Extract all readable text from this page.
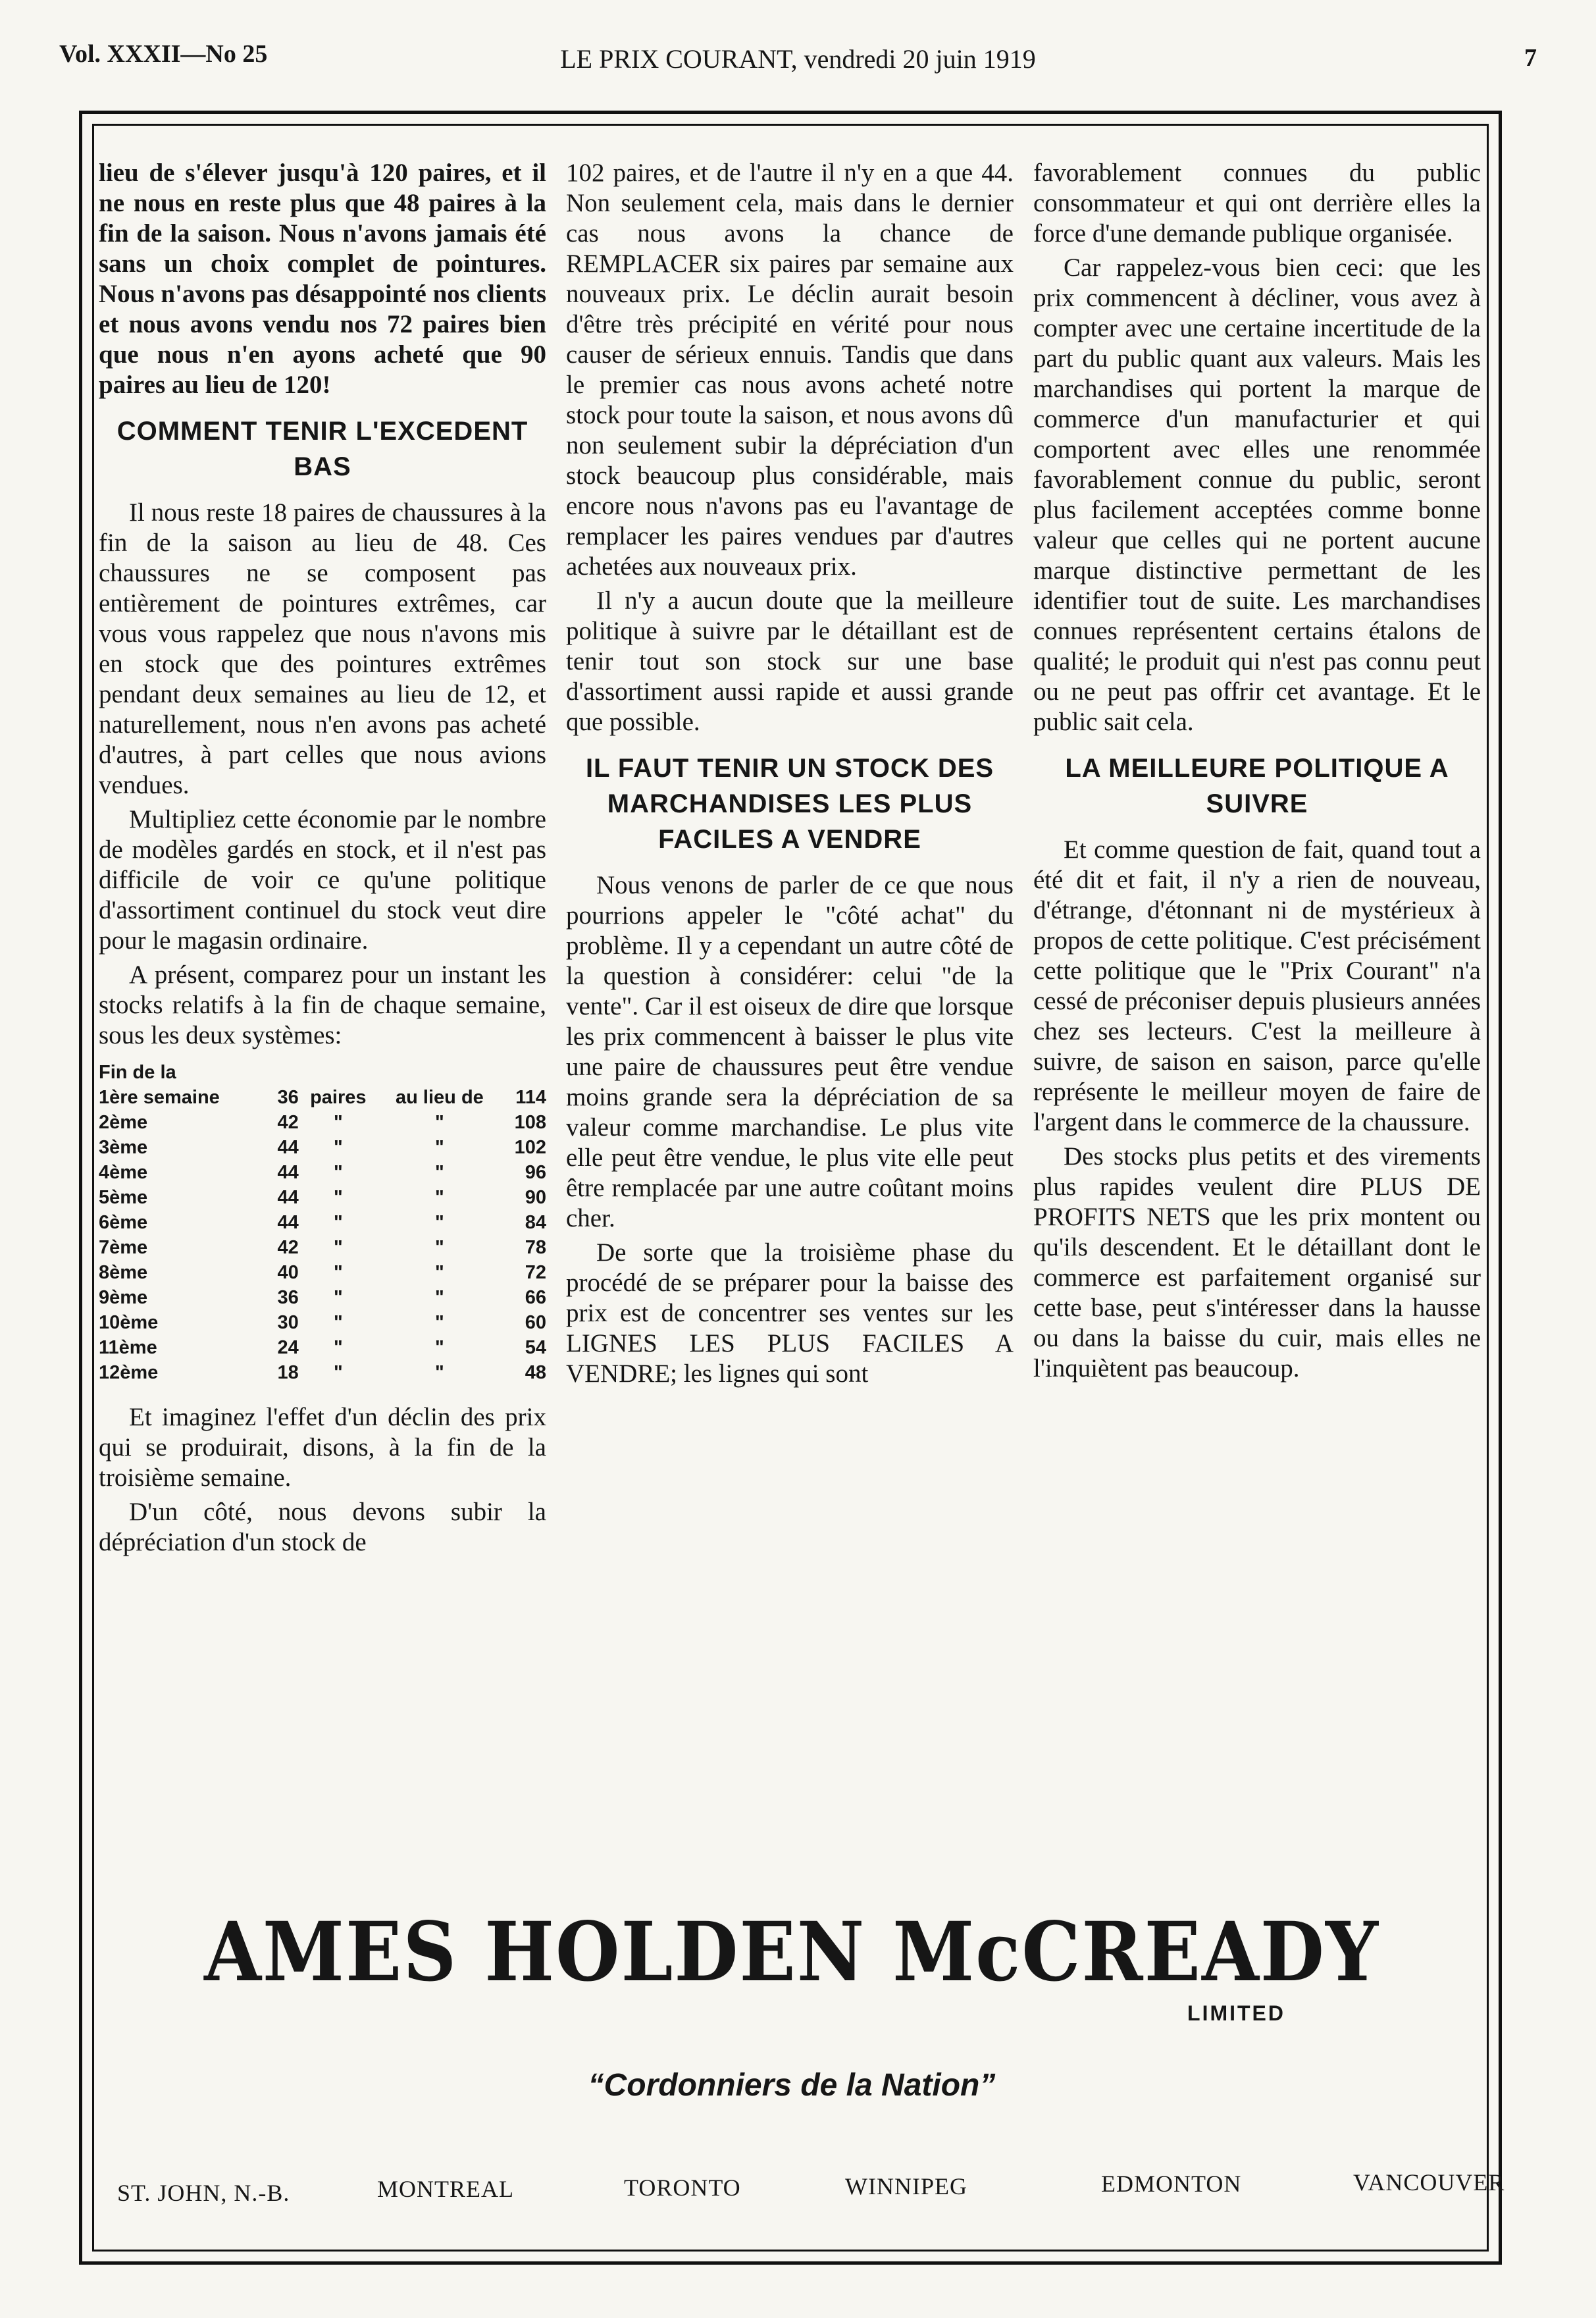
Vol. XXXII—No 25	LE PRIX COURANT, vendredi 20 juin 1919	7

lieu de s'élever jusqu'à 120 paires, et il ne nous en reste plus que 48 paires à la fin de la saison. Nous n'avons jamais été sans un choix complet de pointures. Nous n'avons pas désappointé nos clients et nous avons vendu nos 72 paires bien que nous n'en ayons acheté que 90 paires au lieu de 120!

COMMENT TENIR L'EXCEDENT BAS

Il nous reste 18 paires de chaussures à la fin de la saison au lieu de 48. Ces chaussures ne se composent pas entièrement de pointures extrêmes, car vous vous rappelez que nous n'avons mis en stock que des pointures extrêmes pendant deux semaines au lieu de 12, et naturellement, nous n'en avons pas acheté d'autres, à part celles que nous avions vendues.

Multipliez cette économie par le nombre de modèles gardés en stock, et il n'est pas difficile de voir ce qu'une politique d'assortiment continuel du stock veut dire pour le magasin ordinaire.

A présent, comparez pour un instant les stocks relatifs à la fin de chaque semaine, sous les deux systèmes:

Fin de la				
1ère semaine	36	paires	au lieu de	114
2ème	42	"	"	108
3ème	44	"	"	102
4ème	44	"	"	96
5ème	44	"	"	90
6ème	44	"	"	84
7ème	42	"	"	78
8ème	40	"	"	72
9ème	36	"	"	66
10ème	30	"	"	60
11ème	24	"	"	54
12ème	18	"	"	48

Et imaginez l'effet d'un déclin des prix qui se produirait, disons, à la fin de la troisième semaine.

D'un côté, nous devons subir la dépréciation d'un stock de

102 paires, et de l'autre il n'y en a que 44. Non seulement cela, mais dans le dernier cas nous avons la chance de REMPLACER six paires par semaine aux nouveaux prix. Le déclin aurait besoin d'être très précipité en vérité pour nous causer de sérieux ennuis. Tandis que dans le premier cas nous avons acheté notre stock pour toute la saison, et nous avons dû non seulement subir la dépréciation d'un stock beaucoup plus considérable, mais encore nous n'avons pas eu l'avantage de remplacer les paires vendues par d'autres achetées aux nouveaux prix.

Il n'y a aucun doute que la meilleure politique à suivre par le détaillant est de tenir tout son stock sur une base d'assortiment aussi rapide et aussi grande que possible.

IL FAUT TENIR UN STOCK DES MARCHANDISES LES PLUS FACILES A VENDRE

Nous venons de parler de ce que nous pourrions appeler le "côté achat" du problème. Il y a cependant un autre côté de la question à considérer: celui "de la vente". Car il est oiseux de dire que lorsque les prix commencent à baisser le plus vite une paire de chaussures peut être vendue moins grande sera la dépréciation de sa valeur comme marchandise. Le plus vite elle peut être vendue, le plus vite elle peut être remplacée par une autre coûtant moins cher.

De sorte que la troisième phase du procédé de se préparer pour la baisse des prix est de concentrer ses ventes sur les LIGNES LES PLUS FACILES A VENDRE; les lignes qui sont

favorablement connues du public consommateur et qui ont derrière elles la force d'une demande publique organisée.

Car rappelez-vous bien ceci: que les prix commencent à décliner, vous avez à compter avec une certaine incertitude de la part du public quant aux valeurs. Mais les marchandises qui portent la marque de commerce d'un manufacturier et qui comportent avec elles une renommée favorablement connue du public, seront plus facilement acceptées comme bonne valeur que celles qui ne portent aucune marque distinctive permettant de les identifier tout de suite. Les marchandises connues représentent certains étalons de qualité; le produit qui n'est pas connu peut ou ne peut pas offrir cet avantage. Et le public sait cela.

LA MEILLEURE POLITIQUE A SUIVRE

Et comme question de fait, quand tout a été dit et fait, il n'y a rien de nouveau, d'étrange, d'étonnant ni de mystérieux à propos de cette politique. C'est précisément cette politique que le "Prix Courant" n'a cessé de préconiser depuis plusieurs années chez ses lecteurs. C'est la meilleure à suivre, de saison en saison, parce qu'elle représente le meilleur moyen de faire de l'argent dans le commerce de la chaussure.

Des stocks plus petits et des virements plus rapides veulent dire PLUS DE PROFITS NETS que les prix montent ou qu'ils descendent. Et le détaillant dont le commerce est parfaitement organisé sur cette base, peut s'intéresser dans la hausse ou dans la baisse du cuir, mais elles ne l'inquiètent pas beaucoup.

AMES HOLDEN McCREADY
LIMITED
“Cordonniers de la Nation”
ST. JOHN, N.-B.	MONTREAL	TORONTO	WINNIPEG	EDMONTON	VANCOUVER
